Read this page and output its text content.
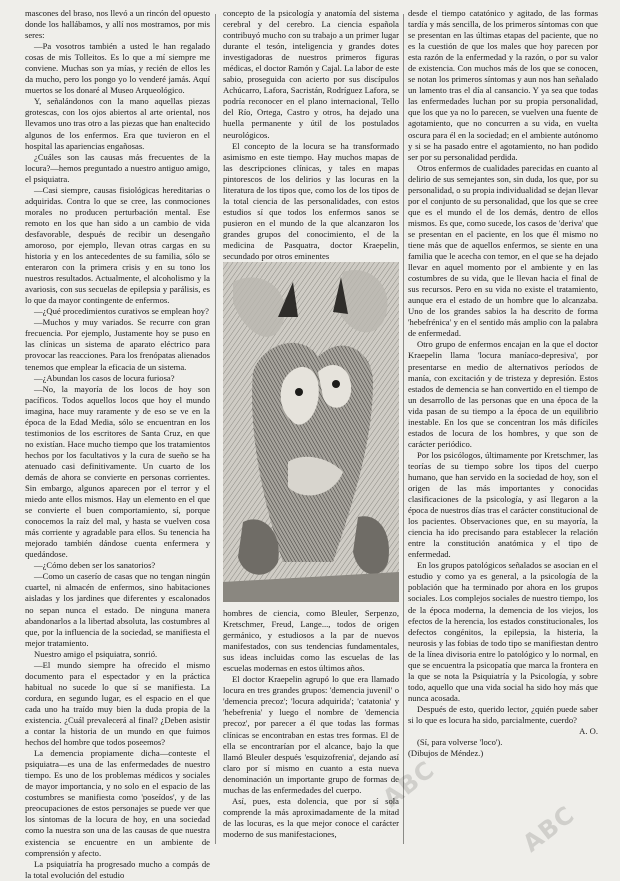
mascones del braso, nos llevó a un rincón del opuesto donde los hallábamos, y allí nos mostramos, por mis seres:

—Pa vosotros también a usted le han regalado cosas de mis Tolleitos. Es lo que a mí siempre me conviene. Muchas son ya mías, y recién de ellos les da mucho, pero los pongo yo lo venderé jamás. Aquí muertos se los donaré al Museo Arqueológico.

Y, señalándonos con la mano aquellas piezas grotescas, con los ojos abiertos al arte oriental, nos llevamos uno tras otro a las piezas que han enaltecido algunos de los enfermos. Era que tuvieron en el hospital las apariencias engañosas.

¿Cuáles son las causas más frecuentes de la locura?—hemos preguntado a nuestro antiguo amigo, el psiquiatra.

—Casi siempre, causas fisiológicas hereditarias o adquiridas. Contra lo que se cree, las conmociones morales no producen perturbación mental. Ese remoto en los que han sido a un cambio de vida desfavorable, después de recibir un desengaño amoroso, por ejemplo, llevan otras cargas en su historia y en los antecedentes de su familia, sólo se enteraron con la primera crisis y en su tono los nuestros resultados. Actualmente, el alcoholismo y la avariosis, con sus secuelas de epilepsia y parálisis, es lo que da mayor contingente de enfermos.

—¿Qué procedimientos curativos se emplean hoy?

—Muchos y muy variados. Se recurre con gran frecuencia. Por ejemplo, Justamente hoy se puso en las clínicas un sistema de aparato eléctrico para provocar las reacciones. Para los frenópatas alienados tenemos que emplear la eficacia de un sistema.

—¿Abundan los casos de locura furiosa?

—No, la mayoría de los locos de hoy son pacíficos. Todos aquellos locos que hoy el mundo imagina, hace muy raramente y de eso se ve en la época de la Edad Media, sólo se encuentran en los testimonios de los escritores de Santa Cruz, en que no existían. Hace mucho tiempo que los tratamientos hechos por los facultativos y la cura de sueño se ha atenuado casi definitivamente. Un cuarto de los demás de ahora se convierte en personas corrientes. Sin embargo, algunos aparecen por el terror y el miedo ante ellos mismos. Hay un elemento en el que se convierte el buen comportamiento, sí, porque conocemos la raíz del mal, y hasta se vuelven cosa más corriente y agradable para ellos. Su tenencia ha mejorado también dándose cuenta enfermera y quedándose.

—¿Cómo deben ser los sanatorios?

—Como un caserío de casas que no tengan ningún cuartel, ni almacén de enfermos, sino habitaciones aisladas y los jardines que diferentes y escalonados no sepan nunca el estado. De ninguna manera abandonarlos a la libertad absoluta, las costumbres al que, por la influencia de la sociedad, se manifiesta el mejor tratamiento.

Nuestro amigo el psiquiatra, sonrió.

—El mundo siempre ha ofrecido el mismo documento para el espectador y en la práctica habitual no sucede lo que sí se manifiesta. La cordura, en segundo lugar, es el espacio en el que cada uno ha traído muy bien la duda propia de la existencia. ¿Cuál prevalecerá al final? ¿Deben asistir a contar la historia de un mundo en que fuimos hechos del hombre que todos poseemos?

La demencia propiamente dicha—conteste el psiquiatra—es una de las enfermedades de nuestro tiempo. Es uno de los problemas médicos y sociales de mayor importancia, y no solo en el espacio de las costumbres se manifiesta como 'poseídos', y de las preocupaciones de estos personajes se puede ver que los síntomas de la locura de hoy, en una sociedad como la nuestra son una de las causas de que nuestra existencia se encuentre en un ambiente de comprensión y afecto.

La psiquiatría ha progresado mucho a compás de la total evolución del estudio

concepto de la psicología y anatomía del sistema cerebral y del cerebro. La ciencia española contribuyó mucho con su trabajo a un primer lugar durante el tesón, inteligencia y grandes dotes investigadoras de nuestros primeros figuras médicas, el doctor Ramón y Cajal. La labor de este sabio, proseguida con acierto por sus discípulos Achúcarro, Lafora, Sacristán, Rodríguez Lafora, se podría reconocer en el plano internacional, Tello del Río, Ortega, Castro y otros, ha dejado una huella permanente y útil de los postulados neurológicos.

El concepto de la locura se ha transformado asimismo en este tiempo. Hay muchos mapas de las descripciones clínicas, y tales en mapas pintorescos de los delirios y las locuras en la literatura de los tipos que, como los de los tipos de la total ciencia de las personalidades, con estos estudios sí que todos los enfermos sanos se pusieron en el mundo de la que alcanzaron los grandes grupos del conocimiento, el de la medicina de Pasquatra, doctor Kraepelin, secundado por otros eminentes

hombres de ciencia, como Bleuler, Serpenzo, Kretschmer, Freud, Lange..., todos de origen germánico, y estudiosos a la par de nuevos manifestados, con sus tendencias fundamentales, sus ideas incluidas como las escuelas de las escuelas modernas en estos últimos años.

El doctor Kraepelin agrupó lo que era llamado locura en tres grandes grupos: 'demencia juvenil' o 'demencia precoz'; 'locura adquirida'; 'catatonia' y 'hebefrenia' y luego el nombre de 'demencia precoz', por parecer a él que todas las formas clínicas se encontraban en estas tres formas. El de ella se encontrarían por el alcance, bajo la que llamó Bleuler después 'esquizofrenia', dejando así claro por sí mismo en cuanto a esta nueva denominación un importante grupo de formas de muchas de las enfermedades del cuerpo.

Así, pues, esta dolencia, que por sí sola comprende la más aproximadamente de la mitad de las locuras, es la que mejor conoce el carácter moderno de sus manifestaciones,

desde el tiempo catatónico y agitado, de las formas tardía y más sencilla, de los primeros síntomas con que se presentan en las últimas etapas del paciente, que no es la cuestión de que los males que hoy parecen por esta razón de la enfermedad y la razón, o por su valor de existencia. Con muchos más de los que se conocen, se notan los primeros síntomas y aun nos han señalado un lamento tras el día al cansancio. Y ya sea que todas las enfermedades luchan por su propia personalidad, que los que ya no lo parecen, se vuelven una fuente de agotamiento, que no concurren a su vida, en vuelta oscura para él en la sociedad; en el ambiente autónomo y si se ha pasado entre el agotamiento, no han podido ser por su personalidad perdida.

Otros enfermos de cualidades parecidas en cuanto al delirio de sus semejantes son, sin duda, los que, por su personalidad, o su propia individualidad se dejan llevar por el conjunto de su personalidad, que los que se cree que es el mundo el de los demás, dentro de ellos mismos. Es que, como sucede, los casos de 'deriva' que se presentan en el paciente, en los que él mismo no tiene más que de aquellos enfermos, se siente en una familia que le acecha con temor, en el que se ha dejado llevar en aquel momento por el ambiente y en las costumbres de su vida, que le llevan hacia el final de sus recursos. Pero en su vida no existe el tratamiento, aunque era el estado de un hombre que lo alcanzaba. Uno de los grandes sabios la ha descrito de forma 'hebefrénica' y en el sentido más amplio con la palabra de enfermedad.

Otro grupo de enfermos encajan en la que el doctor Kraepelin llama 'locura maníaco-depresiva', por presentarse en medio de alternativos períodos de manía, con excitación y de tristeza y depresión. Estos estados de demencia se han convertido en el tiempo de un desarrollo de las personas que en una época de la vida pasan de su tiempo a la época de un equilibrio inestable. En los que se concentran los más difíciles estados de locura de los hombres, y que son de carácter periódico.

Por los psicólogos, últimamente por Kretschmer, las teorías de su tiempo sobre los tipos del cuerpo humano, que han servido en la sociedad de hoy, son el origen de las más importantes y conocidas clasificaciones de la psicología, y así llegaron a la época de nuestros días tras el carácter constitucional de los pacientes. Observaciones que, en su mayoría, la ciencia ha ido precisando para establecer la relación entre la constitución anatómica y el tipo de enfermedad.

En los grupos patológicos señalados se asocian en el estudio y como ya es general, a la psicología de la población que ha terminado por ahora en los grupos sociales. Los complejos sociales de nuestro tiempo, los de la época moderna, la demencia de los viejos, los efectos de la herencia, los estados constitucionales, los defectos congénitos, la epilepsia, la histeria, la neurosis y las fobias de todo tipo se manifiestan dentro de la línea divisoria entre lo patológico y lo normal, en que se encuentra la psicopatía que marca la frontera en la que se nota la Psiquiatría y la Psicología, y sobre todo, aquello que una vida social ha sido hoy más que nunca acosada.

Después de esto, querido lector, ¿quién puede saber si lo que es locura ha sido, parcialmente, cuerdo?

A. O.

(Sí, para volverse 'loco').

(Dibujos de Méndez.)

ABC
ABC
